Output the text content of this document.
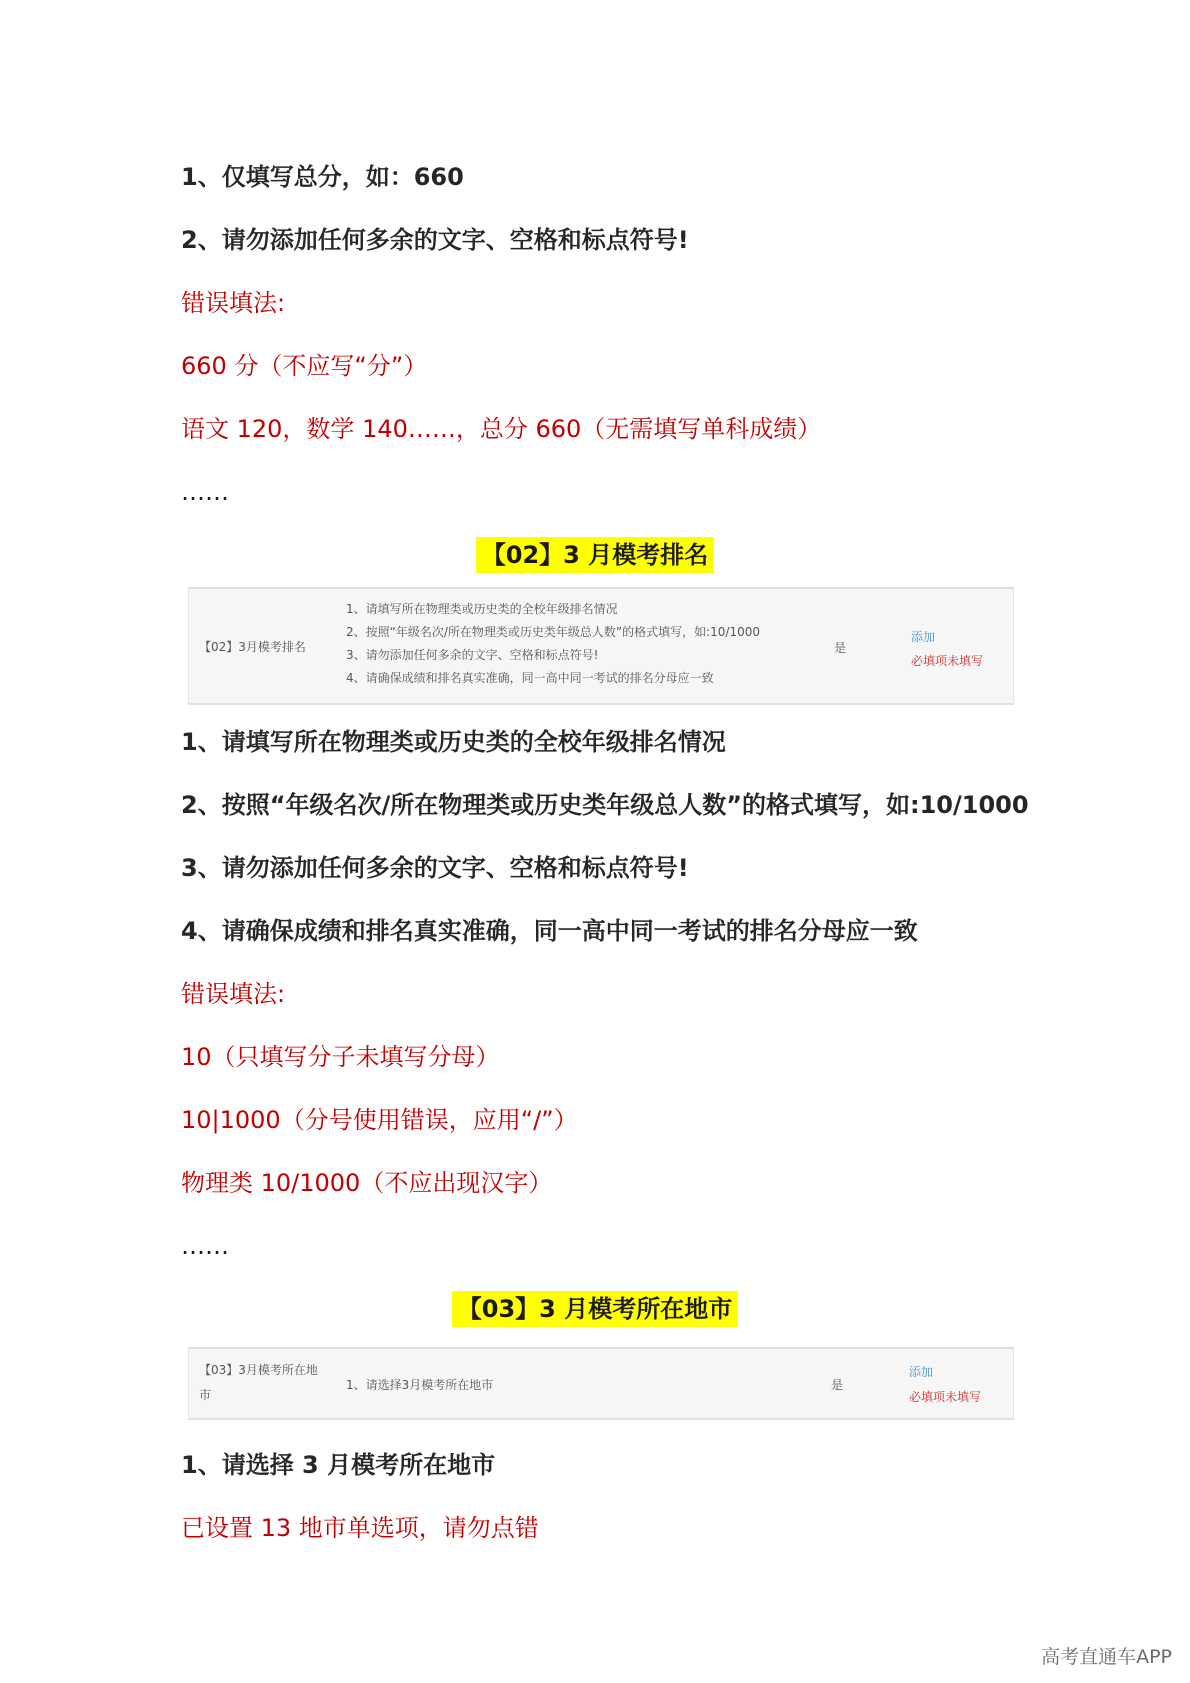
1、仅填写总分，如：660

2、请勿添加任何多余的文字、空格和标点符号!

错误填法:

660 分（不应写“分”）

语文 120，数学 140……，总分 660（无需填写单科成绩）

……

【02】3 月模考排名
【02】3月模考排名
1、请填写所在物理类或历史类的全校年级排名情况
2、按照“年级名次/所在物理类或历史类年级总人数”的格式填写，如:10/1000
3、请勿添加任何多余的文字、空格和标点符号!
4、请确保成绩和排名真实准确，同一高中同一考试的排名分母应一致
是
添加
必填项未填写

1、请填写所在物理类或历史类的全校年级排名情况

2、按照“年级名次/所在物理类或历史类年级总人数”的格式填写，如:10/1000

3、请勿添加任何多余的文字、空格和标点符号!

4、请确保成绩和排名真实准确，同一高中同一考试的排名分母应一致

错误填法:

10（只填写分子未填写分母）

10|1000（分号使用错误，应用“/”）

物理类 10/1000（不应出现汉字）

……

【03】3 月模考所在地市
【03】3月模考所在地
市
1、请选择3月模考所在地市	是
添加
必填项未填写

1、请选择 3 月模考所在地市

已设置 13 地市单选项，请勿点错

高考直通车APP
